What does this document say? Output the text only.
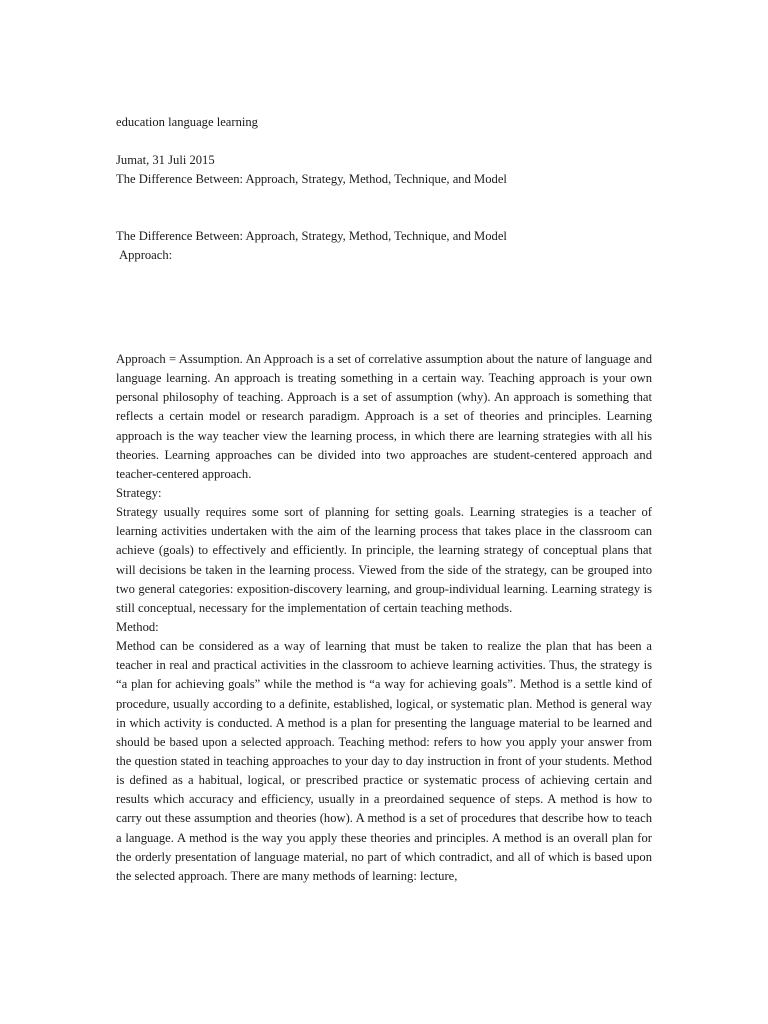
education language learning
Jumat, 31 Juli 2015
The Difference Between: Approach, Strategy, Method, Technique, and Model
The Difference Between: Approach, Strategy, Method, Technique, and Model
Approach:

Approach = Assumption. An Approach is a set of correlative assumption about the nature of language and language learning. An approach is treating something in a certain way. Teaching approach is your own personal philosophy of teaching. Approach is a set of assumption (why). An approach is something that reflects a certain model or research paradigm. Approach is a set of theories and principles. Learning approach is the way teacher view the learning process, in which there are learning strategies with all his theories. Learning approaches can be divided into two approaches are student-centered approach and teacher-centered approach.

Strategy:

Strategy usually requires some sort of planning for setting goals. Learning strategies is a teacher of learning activities undertaken with the aim of the learning process that takes place in the classroom can achieve (goals) to effectively and efficiently. In principle, the learning strategy of conceptual plans that will decisions be taken in the learning process. Viewed from the side of the strategy, can be grouped into two general categories: exposition-discovery learning, and group-individual learning. Learning strategy is still conceptual, necessary for the implementation of certain teaching methods.

Method:

Method can be considered as a way of learning that must be taken to realize the plan that has been a teacher in real and practical activities in the classroom to achieve learning activities. Thus, the strategy is “a plan for achieving goals” while the method is “a way for achieving goals”. Method is a settle kind of procedure, usually according to a definite, established, logical, or systematic plan. Method is general way in which activity is conducted. A method is a plan for presenting the language material to be learned and should be based upon a selected approach. Teaching method: refers to how you apply your answer from the question stated in teaching approaches to your day to day instruction in front of your students. Method is defined as a habitual, logical, or prescribed practice or systematic process of achieving certain and results which accuracy and efficiency, usually in a preordained sequence of steps. A method is how to carry out these assumption and theories (how). A method is a set of procedures that describe how to teach a language. A method is the way you apply these theories and principles. A method is an overall plan for the orderly presentation of language material, no part of which contradict, and all of which is based upon the selected approach. There are many methods of learning: lecture,
